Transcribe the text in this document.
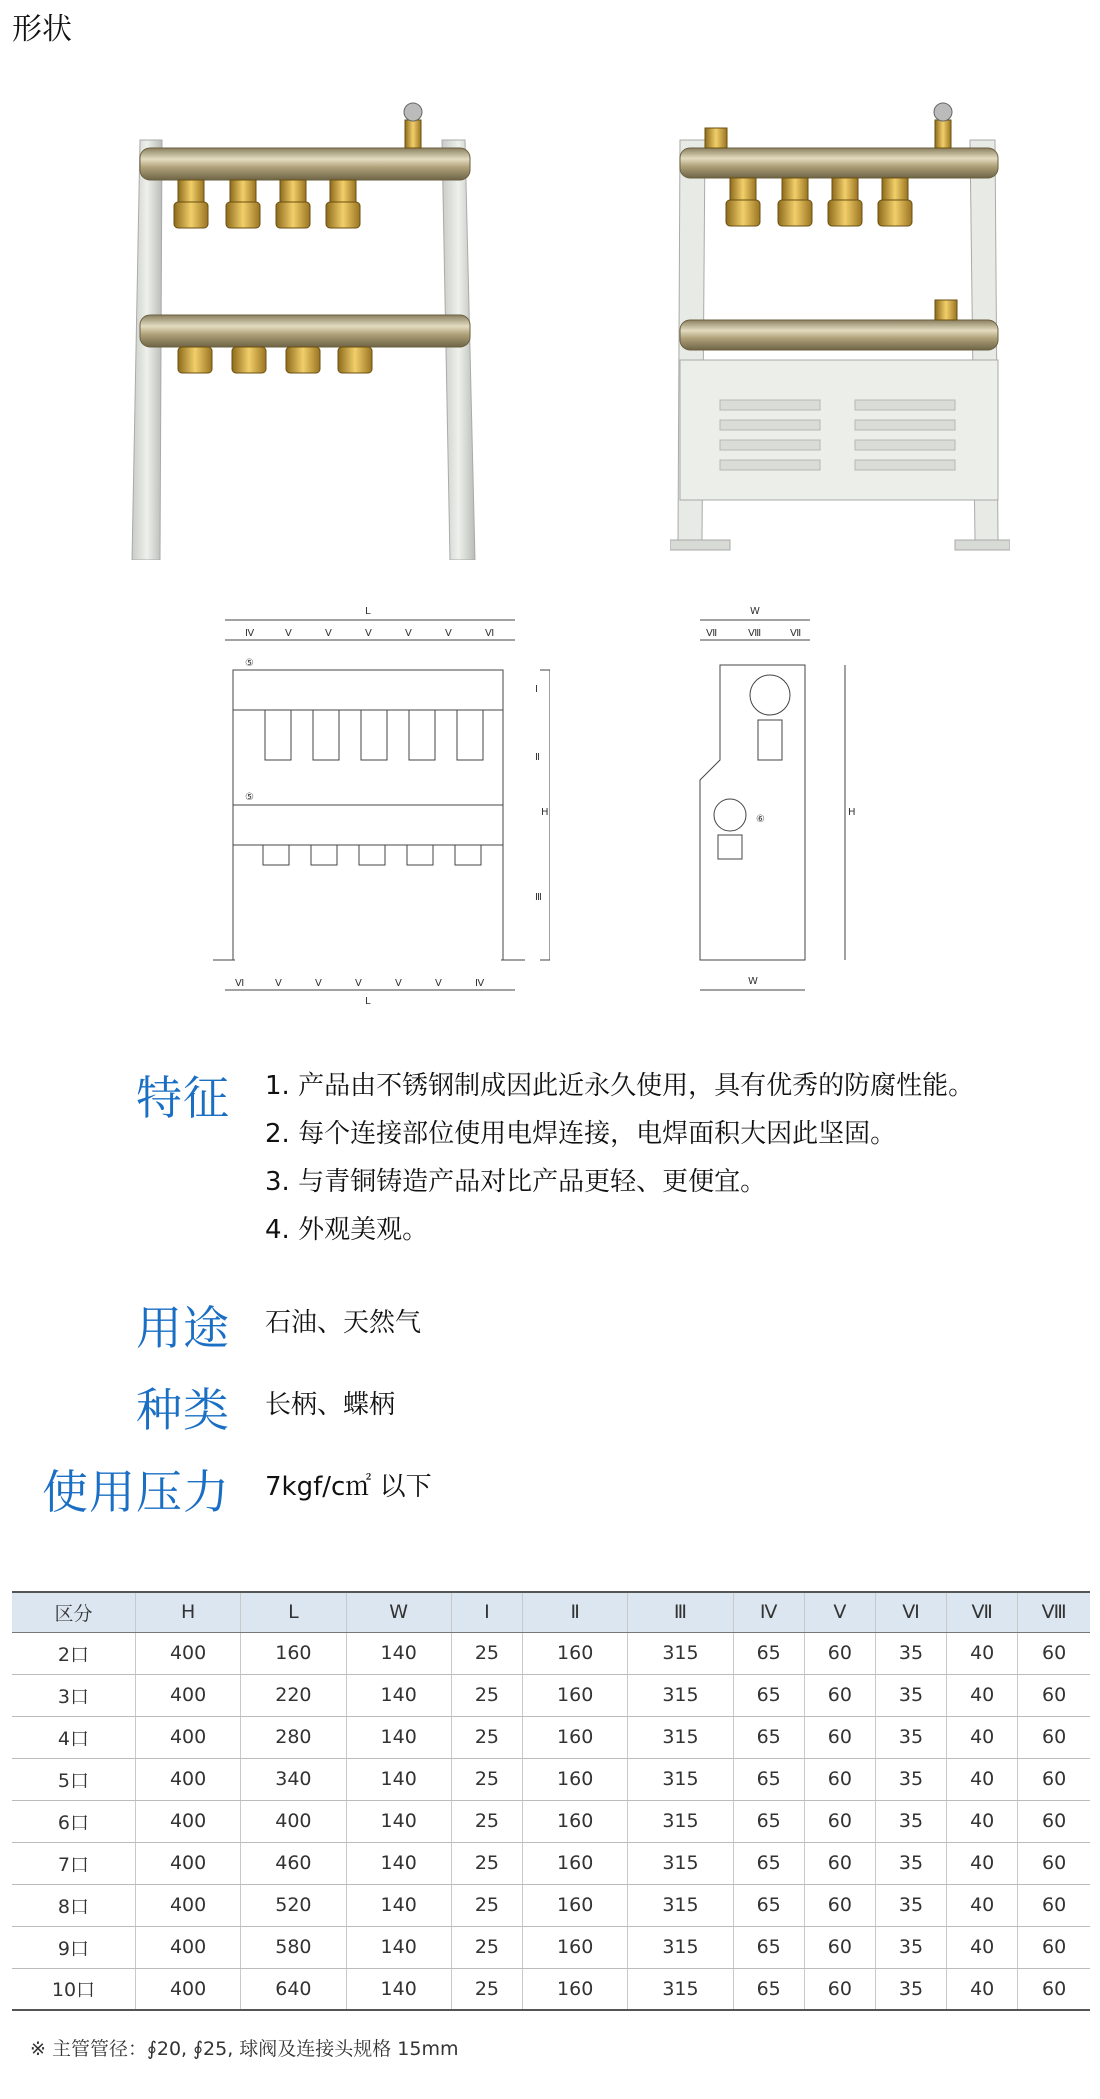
形状
L
Ⅳ	Ⅴ	Ⅴ	Ⅴ	Ⅴ	Ⅴ	Ⅵ
Ⅵ	Ⅴ	Ⅴ	Ⅴ	Ⅴ	Ⅴ	Ⅳ
L
Ⅰ
Ⅱ
Ⅲ
H
⑤
⑤
W
Ⅶ	Ⅷ	Ⅶ
W
H
⑥
特征 1. 产品由不锈钢制成因此近永久使用，具有优秀的防腐性能。
2. 每个连接部位使用电焊连接，电焊面积大因此坚固。
3. 与青铜铸造产品对比产品更轻、更便宜。
4. 外观美观。
用途 石油、天然气
种类 长柄、蝶柄
使用压力 7kgf/c㎡ 以下
区分	H	L	W	Ⅰ	Ⅱ	Ⅲ	Ⅳ	Ⅴ	Ⅵ	Ⅶ	Ⅷ
2口	400	160	140	25	160	315	65	60	35	40	60
3口	400	220	140	25	160	315	65	60	35	40	60
4口	400	280	140	25	160	315	65	60	35	40	60
5口	400	340	140	25	160	315	65	60	35	40	60
6口	400	400	140	25	160	315	65	60	35	40	60
7口	400	460	140	25	160	315	65	60	35	40	60
8口	400	520	140	25	160	315	65	60	35	40	60
9口	400	580	140	25	160	315	65	60	35	40	60
10口	400	640	140	25	160	315	65	60	35	40	60
※ 主管管径：∮20, ∮25, 球阀及连接头规格 15mm
